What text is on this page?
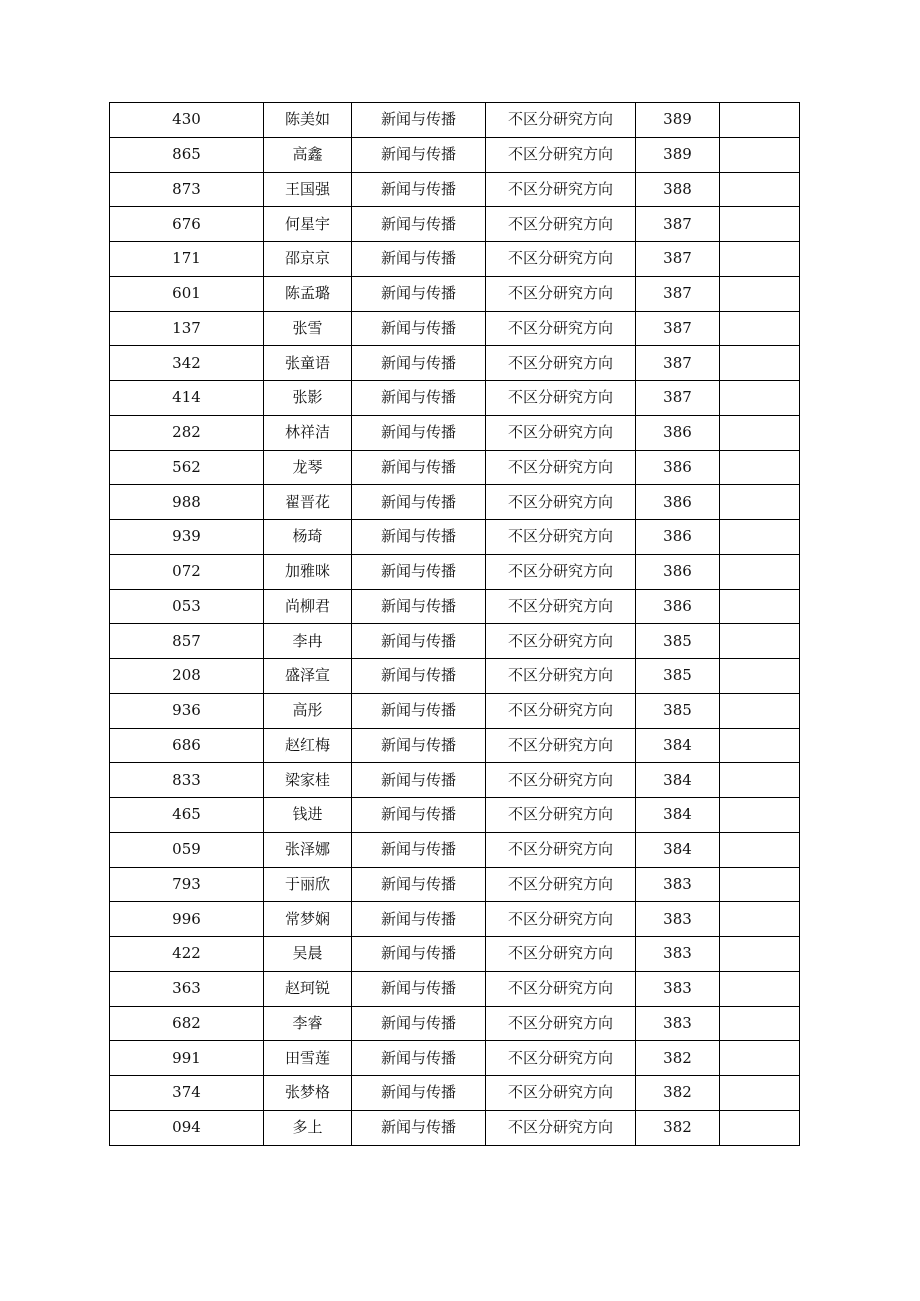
430	陈美如	新闻与传播	不区分研究方向	389	
865	高鑫	新闻与传播	不区分研究方向	389	
873	王国强	新闻与传播	不区分研究方向	388	
676	何星宇	新闻与传播	不区分研究方向	387	
171	邵京京	新闻与传播	不区分研究方向	387	
601	陈孟璐	新闻与传播	不区分研究方向	387	
137	张雪	新闻与传播	不区分研究方向	387	
342	张童语	新闻与传播	不区分研究方向	387	
414	张影	新闻与传播	不区分研究方向	387	
282	林祥洁	新闻与传播	不区分研究方向	386	
562	龙琴	新闻与传播	不区分研究方向	386	
988	翟晋花	新闻与传播	不区分研究方向	386	
939	杨琦	新闻与传播	不区分研究方向	386	
072	加雅咪	新闻与传播	不区分研究方向	386	
053	尚柳君	新闻与传播	不区分研究方向	386	
857	李冉	新闻与传播	不区分研究方向	385	
208	盛泽宣	新闻与传播	不区分研究方向	385	
936	高彤	新闻与传播	不区分研究方向	385	
686	赵红梅	新闻与传播	不区分研究方向	384	
833	梁家桂	新闻与传播	不区分研究方向	384	
465	钱进	新闻与传播	不区分研究方向	384	
059	张泽娜	新闻与传播	不区分研究方向	384	
793	于丽欣	新闻与传播	不区分研究方向	383	
996	常梦娴	新闻与传播	不区分研究方向	383	
422	吴晨	新闻与传播	不区分研究方向	383	
363	赵珂锐	新闻与传播	不区分研究方向	383	
682	李睿	新闻与传播	不区分研究方向	383	
991	田雪莲	新闻与传播	不区分研究方向	382	
374	张梦格	新闻与传播	不区分研究方向	382	
094	多上	新闻与传播	不区分研究方向	382	
